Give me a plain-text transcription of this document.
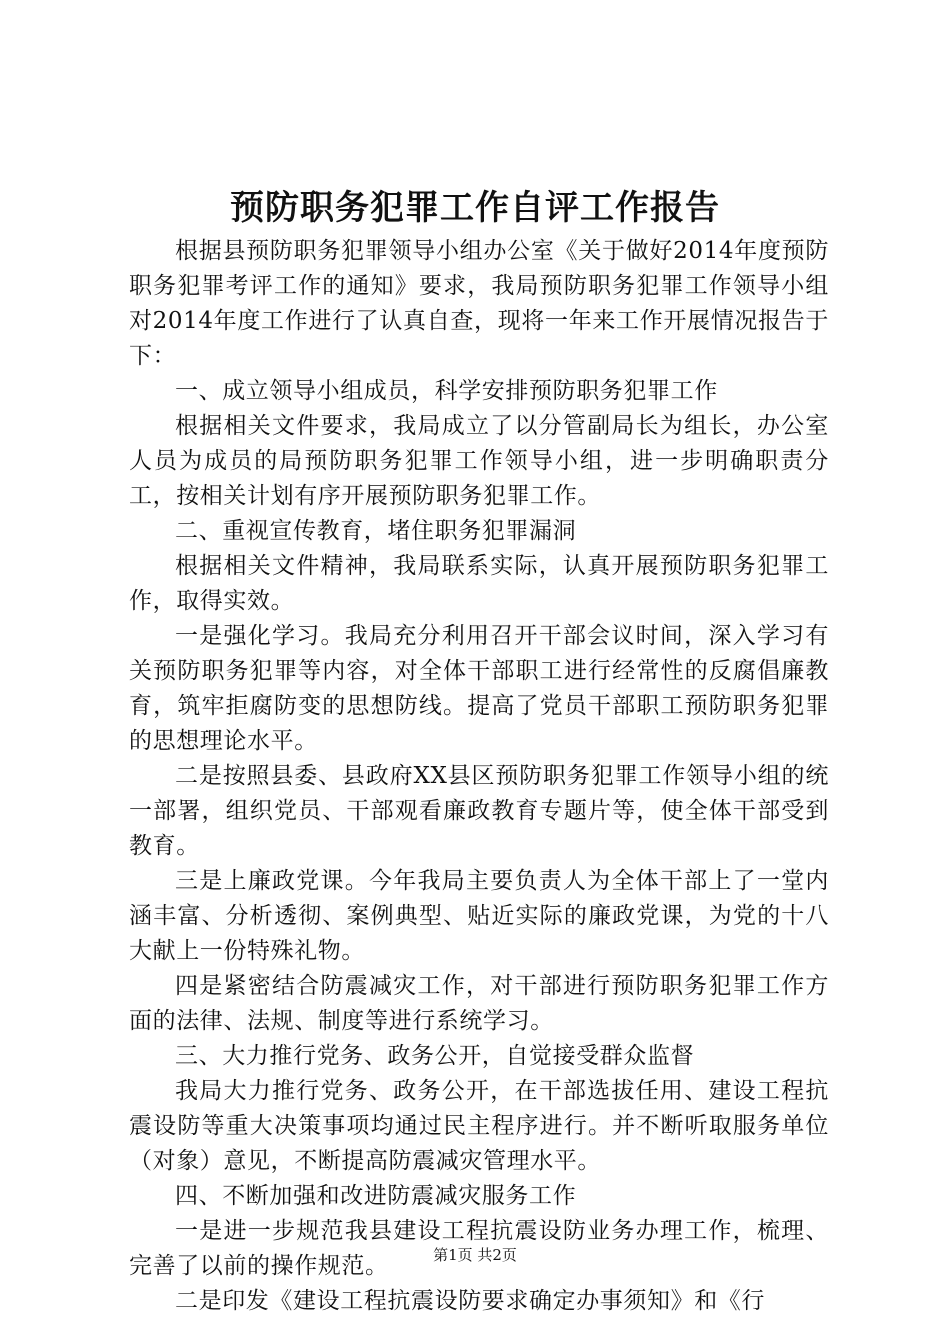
预防职务犯罪工作自评工作报告

根据县预防职务犯罪领导小组办公室《关于做好2014年度预防职务犯罪考评工作的通知》要求，我局预防职务犯罪工作领导小组对2014年度工作进行了认真自查，现将一年来工作开展情况报告于下：

一、成立领导小组成员，科学安排预防职务犯罪工作

根据相关文件要求，我局成立了以分管副局长为组长，办公室人员为成员的局预防职务犯罪工作领导小组，进一步明确职责分工，按相关计划有序开展预防职务犯罪工作。

二、重视宣传教育，堵住职务犯罪漏洞

根据相关文件精神，我局联系实际，认真开展预防职务犯罪工作，取得实效。

一是强化学习。我局充分利用召开干部会议时间，深入学习有关预防职务犯罪等内容，对全体干部职工进行经常性的反腐倡廉教育，筑牢拒腐防变的思想防线。提高了党员干部职工预防职务犯罪的思想理论水平。

二是按照县委、县政府XX县区预防职务犯罪工作领导小组的统一部署，组织党员、干部观看廉政教育专题片等，使全体干部受到教育。

三是上廉政党课。今年我局主要负责人为全体干部上了一堂内涵丰富、分析透彻、案例典型、贴近实际的廉政党课，为党的十八大献上一份特殊礼物。

四是紧密结合防震减灾工作，对干部进行预防职务犯罪工作方面的法律、法规、制度等进行系统学习。

三、大力推行党务、政务公开，自觉接受群众监督

我局大力推行党务、政务公开，在干部选拔任用、建设工程抗震设防等重大决策事项均通过民主程序进行。并不断听取服务单位（对象）意见，不断提高防震减灾管理水平。

四、不断加强和改进防震减灾服务工作

一是进一步规范我县建设工程抗震设防业务办理工作，梳理、完善了以前的操作规范。

二是印发《建设工程抗震设防要求确定办事须知》和《行

第1页 共2页
